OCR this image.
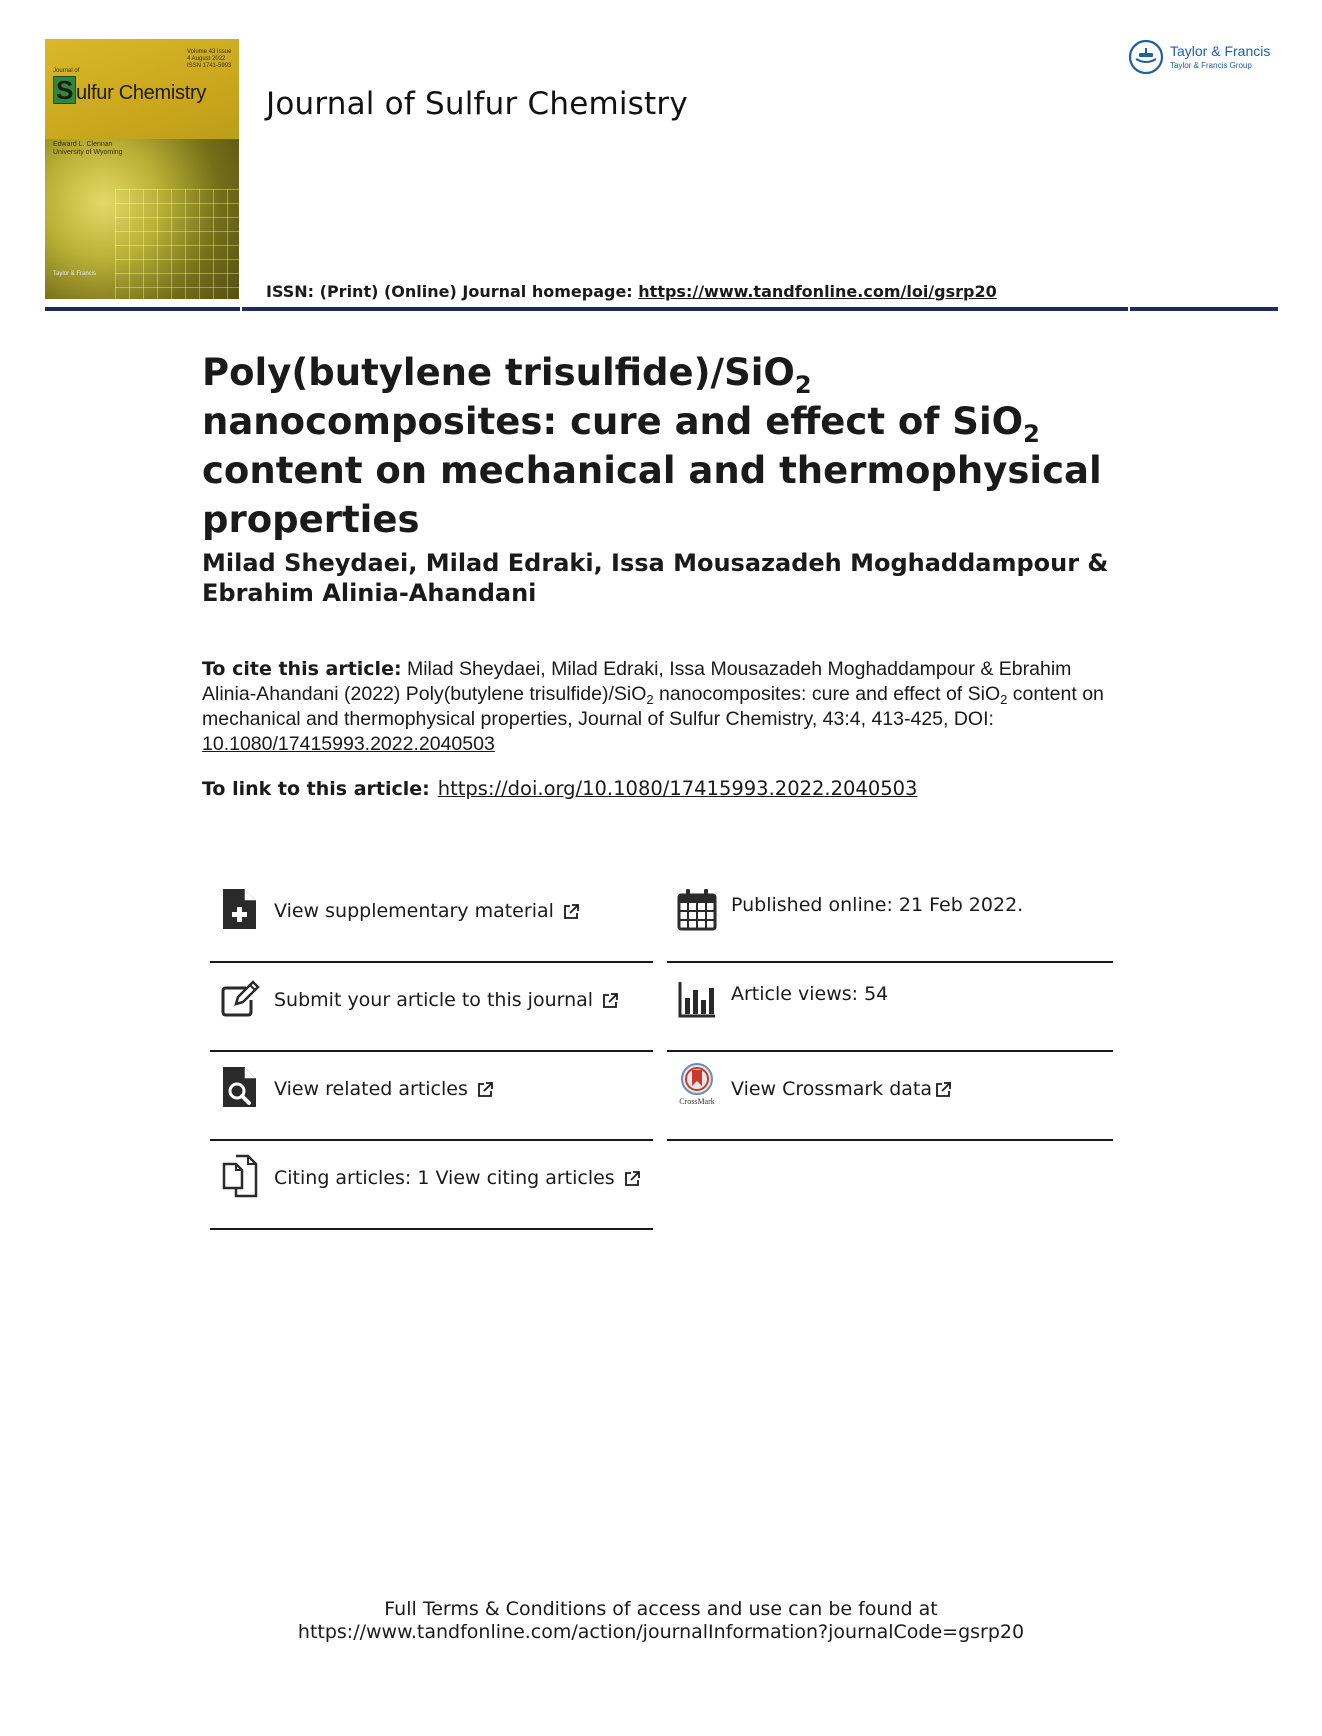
Volume 43 Issue 4 August 2022 ISSN 1741-5993
Journal of
S ulfur Chemistry
Edward L. Clennan
University of Wyoming
Taylor & Francis
Journal of Sulfur Chemistry
ISSN: (Print) (Online) Journal homepage: https://www.tandfonline.com/loi/gsrp20
Taylor & Francis
Taylor & Francis Group
Poly(butylene trisulfide)/SiO$_2$ nanocomposites: cure and effect of SiO$_2$ content on mechanical and thermophysical properties
Milad Sheydaei, Milad Edraki, Issa Mousazadeh Moghaddampour & Ebrahim Alinia-Ahandani
To cite this article: Milad Sheydaei, Milad Edraki, Issa Mousazadeh Moghaddampour & Ebrahim Alinia-Ahandani (2022) Poly(butylene trisulfide)/SiO$_2$ nanocomposites: cure and effect of SiO$_2$ content on mechanical and thermophysical properties, Journal of Sulfur Chemistry, 43:4, 413-425, DOI: 10.1080/17415993.2022.2040503
To link to this article: https://doi.org/10.1080/17415993.2022.2040503
View supplementary material	Published online: 21 Feb 2022.
Submit your article to this journal	Article views: 54
View related articles
CrossMark
View Crossmark data
Citing articles: 1 View citing articles
Full Terms & Conditions of access and use can be found at
https://www.tandfonline.com/action/journalInformation?journalCode=gsrp20
